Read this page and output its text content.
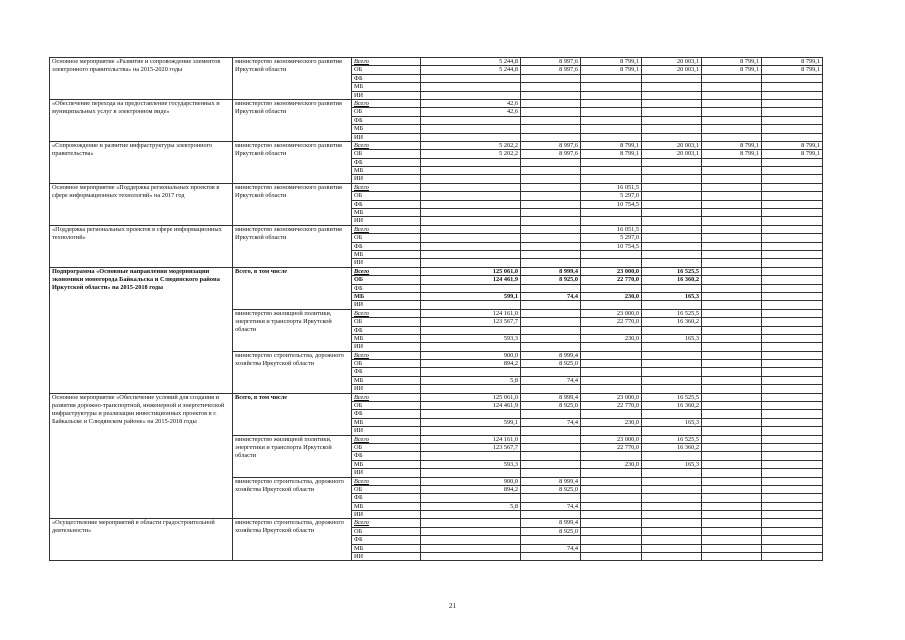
Основное мероприятие «Развитие и сопровождение элементов электронного правительства» на 2015-2020 годы	министерство экономического развития Иркутской области	Всего	5 244,8	8 997,6	8 799,1	20 003,1	8 799,1	8 799,1
		ОБ	5 244,8	8 997,6	8 799,1	20 003,1	8 799,1	8 799,1
		ФБ						
		МБ						
		ИИ						
«Обеспечение перехода на предоставление государственных и муниципальных услуг в электронном виде»	министерство экономического развития Иркутской области	Всего	42,6					
		ОБ	42,6					
		ФБ						
		МБ						
		ИИ						
«Сопровождение и развитие инфраструктуры электронного правительства»	министерство экономического развития Иркутской области	Всего	5 202,2	8 997,6	8 799,1	20 003,1	8 799,1	8 799,1
		ОБ	5 202,2	8 997,6	8 799,1	20 003,1	8 799,1	8 799,1
		ФБ						
		МБ						
		ИИ						
Основное мероприятие «Поддержка региональных проектов в сфере информационных технологий» на 2017 год	министерство экономического развития Иркутской области	Всего			16 051,5			
		ОБ			5 297,0			
		ФБ			10 754,5			
		МБ						
		ИИ						
«Поддержка региональных проектов в сфере информационных технологий»	министерство экономического развития Иркутской области	Всего			16 051,5			
		ОБ			5 297,0			
		ФБ			10 754,5			
		МБ						
		ИИ						
Подпрограмма «Основные направления модернизации экономики моногорода Байкальска и Слюдянского района Иркутской области» на 2015-2018 годы	Всего, в том числе	Всего	125 061,0	8 999,4	23 000,0	16 525,5		
		ОБ	124 461,9	8 925,0	22 770,0	16 360,2		
		ФБ						
		МБ	599,1	74,4	230,0	165,3		
		ИИ						
	министерство жилищной политики, энергетики и транспорта Иркутской области	Всего	124 161,0		23 000,0	16 525,5		
		ОБ	123 567,7		22 770,0	16 360,2		
		ФБ						
		МБ	593,3		230,0	165,3		
		ИИ						
	министерство строительства, дорожного хозяйства Иркутской области	Всего	900,0	8 999,4				
		ОБ	894,2	8 925,0				
		ФБ						
		МБ	5,8	74,4				
		ИИ						
Основное мероприятие «Обеспечение условий для создания и развития дорожно-транспортной, инженерной и энергетической инфраструктуры и реализации инвестиционных проектов в г. Байкальске и Слюдянском районе» на 2015-2018 годы	Всего, в том числе	Всего	125 061,0	8 999,4	23 000,0	16 525,5		
		ОБ	124 461,9	8 925,0	22 770,0	16 360,2		
		ФБ						
		МБ	599,1	74,4	230,0	165,3		
		ИИ						
	министерство жилищной политики, энергетики и транспорта Иркутской области	Всего	124 161,0		23 000,0	16 525,5		
		ОБ	123 567,7		22 770,0	16 360,2		
		ФБ						
		МБ	593,3		230,0	165,3		
		ИИ						
	министерство строительства, дорожного хозяйства Иркутской области	Всего	900,0	8 999,4				
		ОБ	894,2	8 925,0				
		ФБ						
		МБ	5,8	74,4				
		ИИ						
«Осуществление мероприятий в области градостроительной деятельности»	министерство строительства, дорожного хозяйства Иркутской области	Всего		8 999,4				
		ОБ		8 925,0				
		ФБ						
		МБ		74,4				
		ИИ						
21
